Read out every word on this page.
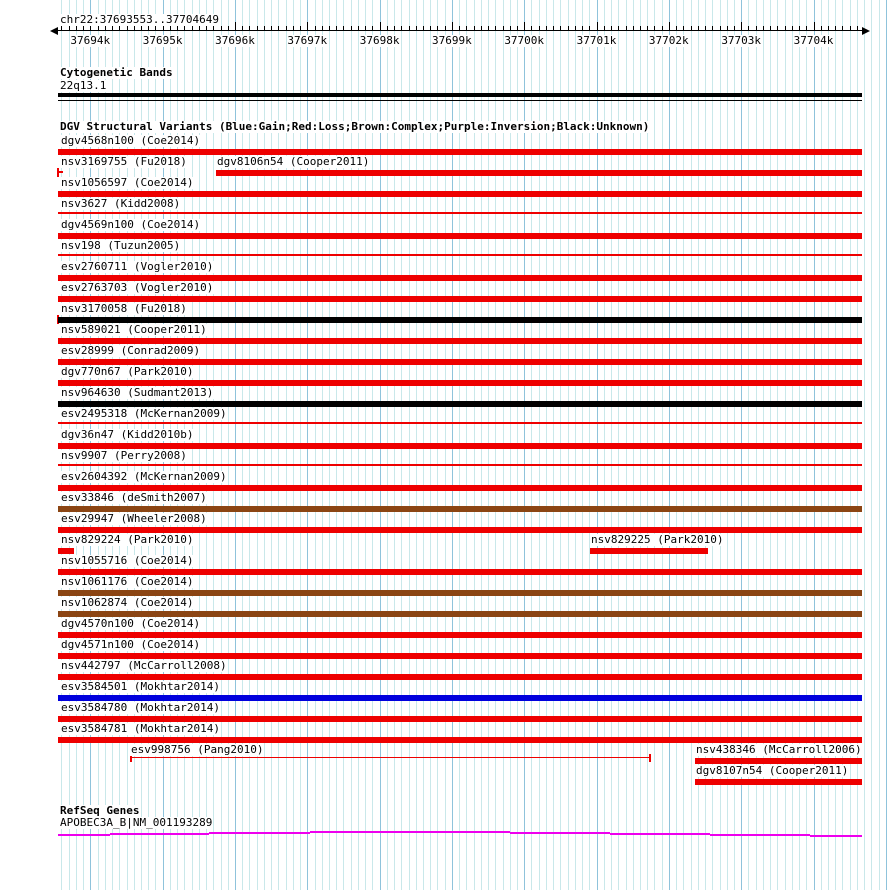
chr22:37693553..37704649
37694k	37695k	37696k	37697k	37698k	37699k	37700k	37701k	37702k	37703k	37704k
Cytogenetic Bands
22q13.1
DGV Structural Variants (Blue:Gain;Red:Loss;Brown:Complex;Purple:Inversion;Black:Unknown)
dgv4568n100 (Coe2014)
nsv3169755 (Fu2018)	dgv8106n54 (Cooper2011)
nsv1056597 (Coe2014)
nsv3627 (Kidd2008)
dgv4569n100 (Coe2014)
nsv198 (Tuzun2005)
esv2760711 (Vogler2010)
esv2763703 (Vogler2010)
nsv3170058 (Fu2018)
nsv589021 (Cooper2011)
esv28999 (Conrad2009)
dgv770n67 (Park2010)
nsv964630 (Sudmant2013)
esv2495318 (McKernan2009)
dgv36n47 (Kidd2010b)
nsv9907 (Perry2008)
esv2604392 (McKernan2009)
esv33846 (deSmith2007)
esv29947 (Wheeler2008)
nsv829224 (Park2010)	nsv829225 (Park2010)
nsv1055716 (Coe2014)
nsv1061176 (Coe2014)
nsv1062874 (Coe2014)
dgv4570n100 (Coe2014)
dgv4571n100 (Coe2014)
nsv442797 (McCarroll2008)
esv3584501 (Mokhtar2014)
esv3584780 (Mokhtar2014)
esv3584781 (Mokhtar2014)
esv998756 (Pang2010)	nsv438346 (McCarroll2006)
dgv8107n54 (Cooper2011)
RefSeq Genes
APOBEC3A_B|NM_001193289
